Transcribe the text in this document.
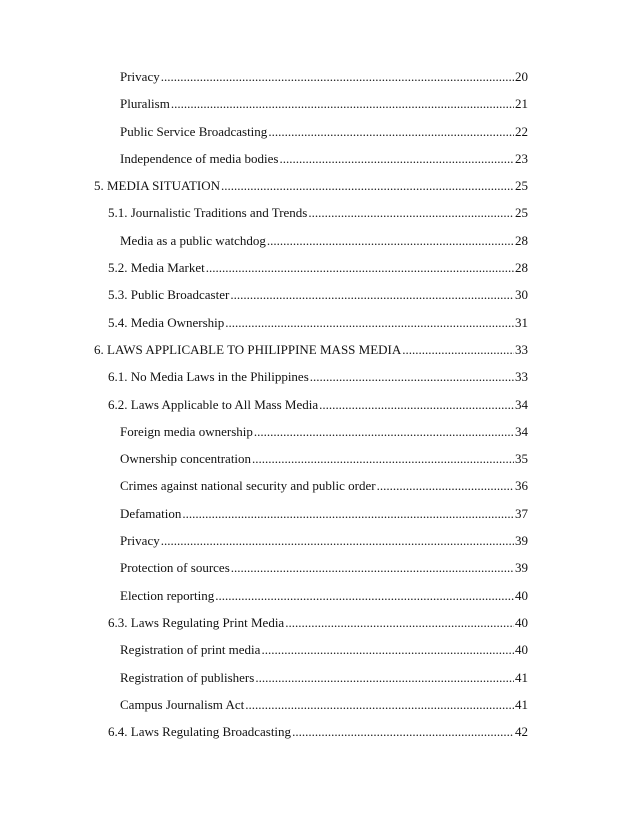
Privacy .....	20
Pluralism .....	21
Public Service Broadcasting .....	22
Independence of media bodies .....	23
5. MEDIA SITUATION .....	25
5.1. Journalistic Traditions and Trends .....	25
Media as a public watchdog .....	28
5.2. Media Market .....	28
5.3. Public Broadcaster .....	30
5.4. Media Ownership .....	31
6. LAWS APPLICABLE TO PHILIPPINE MASS MEDIA .....	33
6.1. No Media Laws in the Philippines .....	33
6.2. Laws Applicable to All Mass Media .....	34
Foreign media ownership .....	34
Ownership concentration .....	35
Crimes against national security and public order .....	36
Defamation .....	37
Privacy .....	39
Protection of sources .....	39
Election reporting .....	40
6.3. Laws Regulating Print Media .....	40
Registration of print media .....	40
Registration of publishers .....	41
Campus Journalism Act .....	41
6.4. Laws Regulating Broadcasting .....	42
